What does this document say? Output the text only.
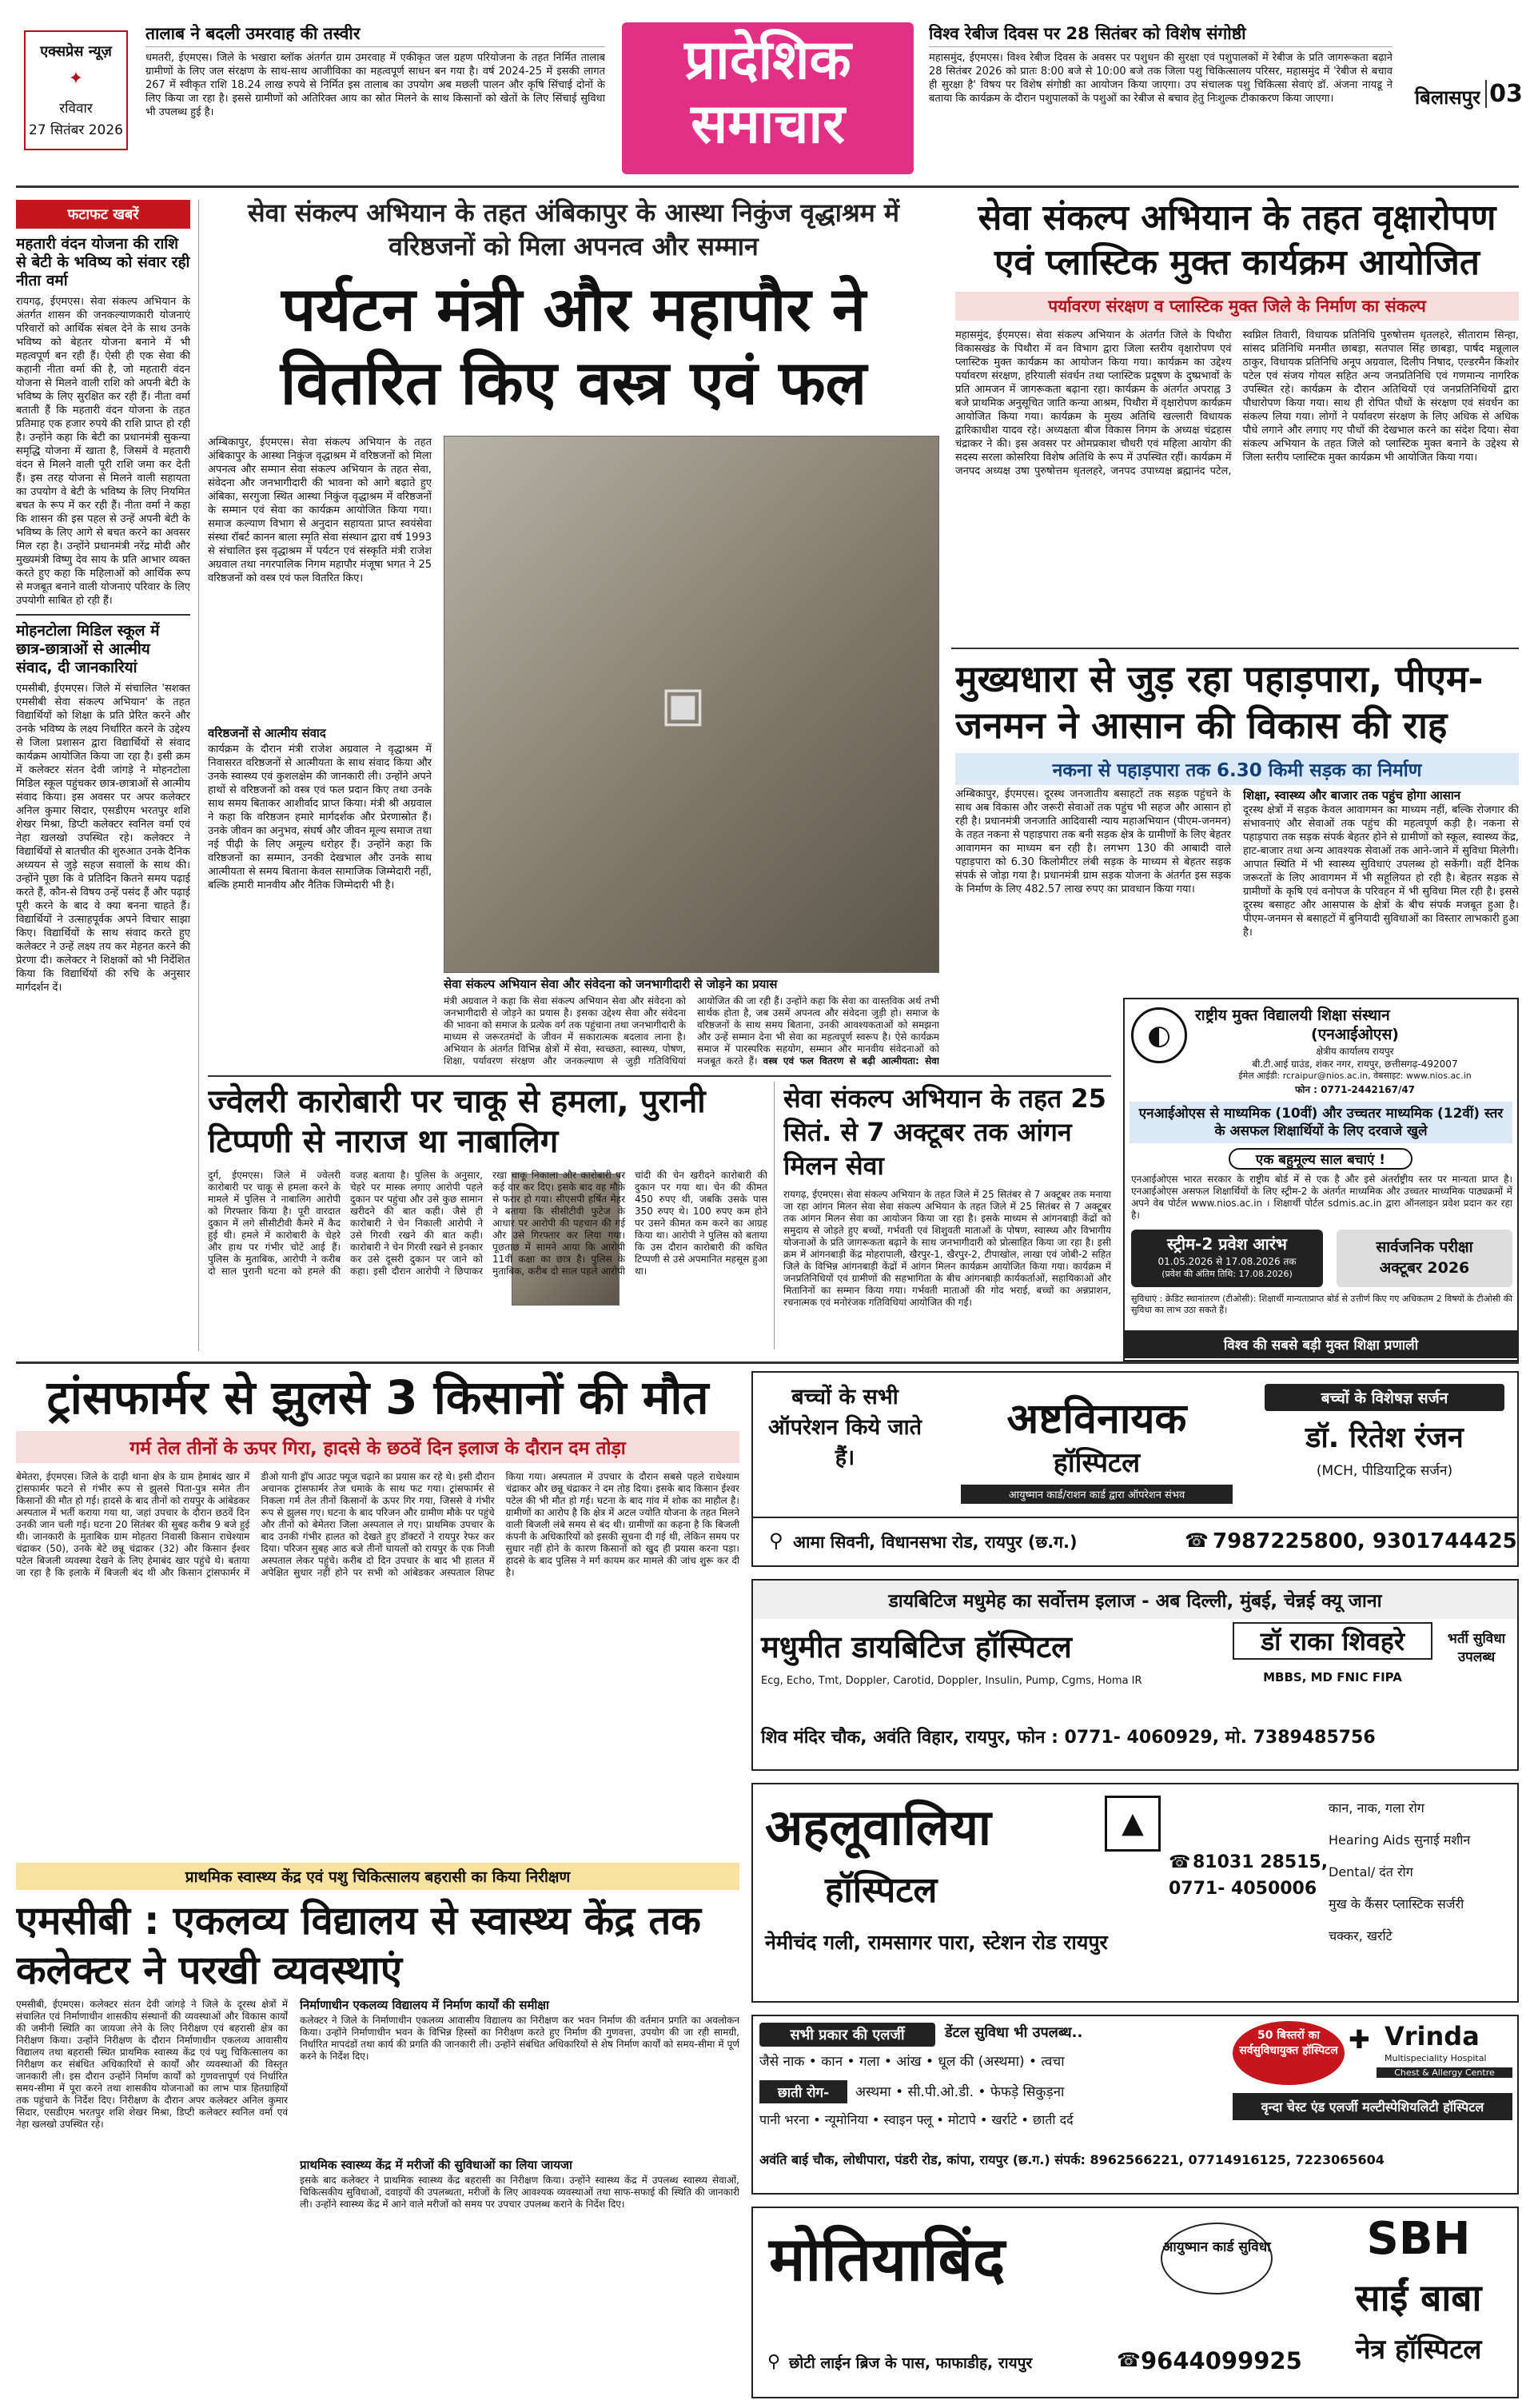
एक्सप्रेस न्यूज़
✦
रविवार
27 सितंबर 2026
तालाब ने बदली उमरवाह की तस्वीर
धमतरी, ईएमएस। जिले के भखारा ब्लॉक अंतर्गत ग्राम उमरवाह में एकीकृत जल ग्रहण परियोजना के तहत निर्मित तालाब ग्रामीणों के लिए जल संरक्षण के साथ-साथ आजीविका का महत्वपूर्ण साधन बन गया है। वर्ष 2024-25 में इसकी लागत 267 में स्वीकृत राशि 18.24 लाख रुपये से निर्मित इस तालाब का उपयोग अब मछली पालन और कृषि सिंचाई दोनों के लिए किया जा रहा है। इससे ग्रामीणों को अतिरिक्त आय का स्रोत मिलने के साथ किसानों को खेतों के लिए सिंचाई सुविधा भी उपलब्ध हुई है।
प्रादेशिक
समाचार
विश्व रेबीज दिवस पर 28 सितंबर को विशेष संगोष्ठी
महासमुंद, ईएमएस। विश्व रेबीज दिवस के अवसर पर पशुधन की सुरक्षा एवं पशुपालकों में रेबीज के प्रति जागरूकता बढ़ाने 28 सितंबर 2026 को प्रातः 8:00 बजे से 10:00 बजे तक जिला पशु चिकित्सालय परिसर, महासमुंद में 'रेबीज से बचाव ही सुरक्षा है' विषय पर विशेष संगोष्ठी का आयोजन किया जाएगा। उप संचालक पशु चिकित्सा सेवाएं डॉ. अंजना नायडू ने बताया कि कार्यक्रम के दौरान पशुपालकों के पशुओं का रेबीज से बचाव हेतु निःशुल्क टीकाकरण किया जाएगा।	बिलासपुर 03
फटाफट खबरें
महतारी वंदन योजना की राशि से बेटी के भविष्य को संवार रही नीता वर्मा
रायगढ़, ईएमएस। सेवा संकल्प अभियान के अंतर्गत शासन की जनकल्याणकारी योजनाएं परिवारों को आर्थिक संबल देने के साथ उनके भविष्य को बेहतर योजना बनाने में भी महत्वपूर्ण बन रही हैं। ऐसी ही एक सेवा की कहानी नीता वर्मा की है, जो महतारी वंदन योजना से मिलने वाली राशि को अपनी बेटी के भविष्य के लिए सुरक्षित कर रही हैं। नीता वर्मा बताती हैं कि महतारी वंदन योजना के तहत प्रतिमाह एक हजार रुपये की राशि प्राप्त हो रही है। उन्होंने कहा कि बेटी का प्रधानमंत्री सुकन्या समृद्धि योजना में खाता है, जिसमें वे महतारी वंदन से मिलने वाली पूरी राशि जमा कर देती हैं। इस तरह योजना से मिलने वाली सहायता का उपयोग वे बेटी के भविष्य के लिए नियमित बचत के रूप में कर रही हैं। नीता वर्मा ने कहा कि शासन की इस पहल से उन्हें अपनी बेटी के भविष्य के लिए आगे से बचत करने का अवसर मिल रहा है। उन्होंने प्रधानमंत्री नरेंद्र मोदी और मुख्यमंत्री विष्णु देव साय के प्रति आभार व्यक्त करते हुए कहा कि महिलाओं को आर्थिक रूप से मजबूत बनाने वाली योजनाएं परिवार के लिए उपयोगी साबित हो रही हैं।
मोहनटोला मिडिल स्कूल में छात्र-छात्राओं से आत्मीय संवाद, दी जानकारियां
एमसीबी, ईएमएस। जिले में संचालित 'सशक्त एमसीबी सेवा संकल्प अभियान' के तहत विद्यार्थियों को शिक्षा के प्रति प्रेरित करने और उनके भविष्य के लक्ष्य निर्धारित करने के उद्देश्य से जिला प्रशासन द्वारा विद्यार्थियों से संवाद कार्यक्रम आयोजित किया जा रहा है। इसी क्रम में कलेक्टर संतन देवी जांगड़े ने मोहनटोला मिडिल स्कूल पहुंचकर छात्र-छात्राओं से आत्मीय संवाद किया। इस अवसर पर अपर कलेक्टर अनिल कुमार सिदार, एसडीएम भरतपुर शशि शेखर मिश्रा, डिप्टी कलेक्टर स्वनिल वर्मा एवं नेहा खलखो उपस्थित रहे। कलेक्टर ने विद्यार्थियों से बातचीत की शुरुआत उनके दैनिक अध्ययन से जुड़े सहज सवालों के साथ की। उन्होंने पूछा कि वे प्रतिदिन कितने समय पढ़ाई करते हैं, कौन-से विषय उन्हें पसंद हैं और पढ़ाई पूरी करने के बाद वे क्या बनना चाहते हैं। विद्यार्थियों ने उत्साहपूर्वक अपने विचार साझा किए। विद्यार्थियों के साथ संवाद करते हुए कलेक्टर ने उन्हें लक्ष्य तय कर मेहनत करने की प्रेरणा दी। कलेक्टर ने शिक्षकों को भी निर्देशित किया कि विद्यार्थियों की रुचि के अनुसार मार्गदर्शन दें।
सेवा संकल्प अभियान के तहत अंबिकापुर के आस्था निकुंज वृद्धाश्रम में वरिष्ठजनों को मिला अपनत्व और सम्मान
पर्यटन मंत्री और महापौर ने वितरित किए वस्त्र एवं फल
अम्बिकापुर, ईएमएस। सेवा संकल्प अभियान के तहत अंबिकापुर के आस्था निकुंज वृद्धाश्रम में वरिष्ठजनों को मिला अपनत्व और सम्मान सेवा संकल्प अभियान के तहत सेवा, संवेदना और जनभागीदारी की भावना को आगे बढ़ाते हुए अंबिका, सरगुजा स्थित आस्था निकुंज वृद्धाश्रम में वरिष्ठजनों के सम्मान एवं सेवा का कार्यक्रम आयोजित किया गया। समाज कल्याण विभाग से अनुदान सहायता प्राप्त स्वयंसेवा संस्था रॉबर्ट कानन बाला स्मृति सेवा संस्थान द्वारा वर्ष 1993 से संचालित इस वृद्धाश्रम में पर्यटन एवं संस्कृति मंत्री राजेश अग्रवाल तथा नगरपालिक निगम महापौर मंजूषा भगत ने 25 वरिष्ठजनों को वस्त्र एवं फल वितरित किए।
वरिष्ठजनों से आत्मीय संवाद
कार्यक्रम के दौरान मंत्री राजेश अग्रवाल ने वृद्धाश्रम में निवासरत वरिष्ठजनों से आत्मीयता के साथ संवाद किया और उनके स्वास्थ्य एवं कुशलक्षेम की जानकारी ली। उन्होंने अपने हाथों से वरिष्ठजनों को वस्त्र एवं फल प्रदान किए तथा उनके साथ समय बिताकर आशीर्वाद प्राप्त किया। मंत्री श्री अग्रवाल ने कहा कि वरिष्ठजन हमारे मार्गदर्शक और प्रेरणास्रोत हैं। उनके जीवन का अनुभव, संघर्ष और जीवन मूल्य समाज तथा नई पीढ़ी के लिए अमूल्य धरोहर हैं। उन्होंने कहा कि वरिष्ठजनों का सम्मान, उनकी देखभाल और उनके साथ आत्मीयता से समय बिताना केवल सामाजिक जिम्मेदारी नहीं, बल्कि हमारी मानवीय और नैतिक जिम्मेदारी भी है।
▣
सेवा संकल्प अभियान सेवा और संवेदना को जनभागीदारी से जोड़ने का प्रयास
मंत्री अग्रवाल ने कहा कि सेवा संकल्प अभियान सेवा और संवेदना को जनभागीदारी से जोड़ने का प्रयास है। इसका उद्देश्य सेवा और संवेदना की भावना को समाज के प्रत्येक वर्ग तक पहुंचाना तथा जनभागीदारी के माध्यम से जरूरतमंदों के जीवन में सकारात्मक बदलाव लाना है। अभियान के अंतर्गत विभिन्न क्षेत्रों में सेवा, स्वच्छता, स्वास्थ्य, पोषण, शिक्षा, पर्यावरण संरक्षण और जनकल्याण से जुड़ी गतिविधियां आयोजित की जा रही हैं। उन्होंने कहा कि सेवा का वास्तविक अर्थ तभी सार्थक होता है, जब उसमें अपनत्व और संवेदना जुड़ी हो। समाज के वरिष्ठजनों के साथ समय बिताना, उनकी आवश्यकताओं को समझना और उन्हें सम्मान देना भी सेवा का महत्वपूर्ण स्वरूप है। ऐसे कार्यक्रम समाज में पारस्परिक सहयोग, सम्मान और मानवीय संवेदनाओं को मजबूत करते हैं। वस्त्र एवं फल वितरण से बढ़ी आत्मीयता: सेवा
सेवा संकल्प अभियान के तहत वृक्षारोपण एवं प्लास्टिक मुक्त कार्यक्रम आयोजित
पर्यावरण संरक्षण व प्लास्टिक मुक्त जिले के निर्माण का संकल्प
महासमुंद, ईएमएस। सेवा संकल्प अभियान के अंतर्गत जिले के पिथौरा विकासखंड के पिथौरा में वन विभाग द्वारा जिला स्तरीय वृक्षारोपण एवं प्लास्टिक मुक्त कार्यक्रम का आयोजन किया गया। कार्यक्रम का उद्देश्य पर्यावरण संरक्षण, हरियाली संवर्धन तथा प्लास्टिक प्रदूषण के दुष्प्रभावों के प्रति आमजन में जागरूकता बढ़ाना रहा। कार्यक्रम के अंतर्गत अपराह्न 3 बजे प्राथमिक अनुसूचित जाति कन्या आश्रम, पिथौरा में वृक्षारोपण कार्यक्रम आयोजित किया गया। कार्यक्रम के मुख्य अतिथि खल्लारी विधायक द्वारिकाधीश यादव रहे। अध्यक्षता बीज विकास निगम के अध्यक्ष चंद्रहास चंद्राकर ने की। इस अवसर पर ओमप्रकाश चौधरी एवं महिला आयोग की सदस्य सरला कोसरिया विशेष अतिथि के रूप में उपस्थित रहीं। कार्यक्रम में जनपद अध्यक्ष उषा पुरुषोत्तम धृतलहरे, जनपद उपाध्यक्ष ब्रह्मानंद पटेल, स्वप्निल तिवारी, विधायक प्रतिनिधि पुरुषोत्तम धृतलहरे, सीताराम सिन्हा, सांसद प्रतिनिधि मनमीत छाबड़ा, सतपाल सिंह छाबड़ा, पार्षद मन्नूलाल ठाकुर, विधायक प्रतिनिधि अनूप अग्रवाल, दिलीप निषाद, एल्डरमैन किशोर पटेल एवं संजय गोयल सहित अन्य जनप्रतिनिधि एवं गणमान्य नागरिक उपस्थित रहे। कार्यक्रम के दौरान अतिथियों एवं जनप्रतिनिधियों द्वारा पौधारोपण किया गया। साथ ही रोपित पौधों के संरक्षण एवं संवर्धन का संकल्प लिया गया। लोगों ने पर्यावरण संरक्षण के लिए अधिक से अधिक पौधे लगाने और लगाए गए पौधों की देखभाल करने का संदेश दिया। सेवा संकल्प अभियान के तहत जिले को प्लास्टिक मुक्त बनाने के उद्देश्य से जिला स्तरीय प्लास्टिक मुक्त कार्यक्रम भी आयोजित किया गया।
मुख्यधारा से जुड़ रहा पहाड़पारा, पीएम-जनमन ने आसान की विकास की राह
नकना से पहाड़पारा तक 6.30 किमी सड़क का निर्माण
अम्बिकापुर, ईएमएस। दूरस्थ जनजातीय बसाहटों तक सड़क पहुंचने के साथ अब विकास और जरूरी सेवाओं तक पहुंच भी सहज और आसान हो रही है। प्रधानमंत्री जनजाति आदिवासी न्याय महाअभियान (पीएम-जनमन) के तहत नकना से पहाड़पारा तक बनी सड़क क्षेत्र के ग्रामीणों के लिए बेहतर आवागमन का माध्यम बन रही है। लगभग 130 की आबादी वाले पहाड़पारा को 6.30 किलोमीटर लंबी सड़क के माध्यम से बेहतर सड़क संपर्क से जोड़ा गया है। प्रधानमंत्री ग्राम सड़क योजना के अंतर्गत इस सड़क के निर्माण के लिए 482.57 लाख रुपए का प्रावधान किया गया।
शिक्षा, स्वास्थ्य और बाजार तक पहुंच होगा आसान
दूरस्थ क्षेत्रों में सड़क केवल आवागमन का माध्यम नहीं, बल्कि रोजगार की संभावनाएं और सेवाओं तक पहुंच की महत्वपूर्ण कड़ी है। नकना से पहाड़पारा तक सड़क संपर्क बेहतर होने से ग्रामीणों को स्कूल, स्वास्थ्य केंद्र, हाट-बाजार तथा अन्य आवश्यक सेवाओं तक आने-जाने में सुविधा मिलेगी। आपात स्थिति में भी स्वास्थ्य सुविधाएं उपलब्ध हो सकेंगी। वहीं दैनिक जरूरतों के लिए आवागमन में भी सहूलियत हो रही है। बेहतर सड़क से ग्रामीणों के कृषि एवं वनोपज के परिवहन में भी सुविधा मिल रही है। इससे दूरस्थ बसाहट और आसपास के क्षेत्रों के बीच संपर्क मजबूत हुआ है। पीएम-जनमन से बसाहटों में बुनियादी सुविधाओं का विस्तार लाभकारी हुआ है।
◐
राष्ट्रीय मुक्त विद्यालयी शिक्षा संस्थान
(एनआईओएस)
क्षेत्रीय कार्यालय रायपुर
बी.टी.आई ग्राउंड, शंकर नगर, रायपुर, छत्तीसगढ़-492007
ईमेल आईडी: rcraipur@nios.ac.in, वेबसाइट: www.nios.ac.in
फोन : 0771-2442167/47
एनआईओएस से माध्यमिक (10वीं) और उच्चतर माध्यमिक (12वीं) स्तर के असफल शिक्षार्थियों के लिए दरवाजे खुले
एक बहुमूल्य साल बचाएं !
एनआईओएस भारत सरकार के राष्ट्रीय बोर्ड में से एक है और इसे अंतर्राष्ट्रीय स्तर पर मान्यता प्राप्त है। एनआईओएस असफल शिक्षार्थियों के लिए स्ट्रीम-2 के अंतर्गत माध्यमिक और उच्चतर माध्यमिक पाठ्यक्रमों में अपने वेब पोर्टल www.nios.ac.in । शिक्षार्थी पोर्टल sdmis.ac.in द्वारा ऑनलाइन प्रवेश प्रदान कर रहा है।
स्ट्रीम-2 प्रवेश आरंभ
01.05.2026 से 17.08.2026 तक
(प्रवेश की अंतिम तिथि: 17.08.2026)
सार्वजनिक परीक्षा
अक्टूबर 2026
सुविधाएं : क्रेडिट स्थानांतरण (टीओसी): शिक्षार्थी मान्यताप्राप्त बोर्ड से उत्तीर्ण किए गए अधिकतम 2 विषयों के टीओसी की सुविधा का लाभ उठा सकते हैं।
विश्व की सबसे बड़ी मुक्त शिक्षा प्रणाली
ज्वेलरी कारोबारी पर चाकू से हमला, पुरानी टिप्पणी से नाराज था नाबालिग
दुर्ग, ईएमएस। जिले में ज्वेलरी कारोबारी पर चाकू से हमला करने के मामले में पुलिस ने नाबालिग आरोपी को गिरफ्तार किया है। पूरी वारदात दुकान में लगे सीसीटीवी कैमरे में कैद हुई थी। हमले में कारोबारी के चेहरे और हाथ पर गंभीर चोटें आई हैं। पुलिस के मुताबिक, आरोपी ने करीब दो साल पुरानी घटना को हमले की वजह बताया है। पुलिस के अनुसार, चेहरे पर मास्क लगाए आरोपी पहले दुकान पर पहुंचा और उसे कुछ सामान खरीदने की बात कही। जैसे ही कारोबारी ने चेन निकाली आरोपी ने उसे गिरवी रखने की बात कही। कारोबारी ने चेन गिरवी रखने से इनकार कर उसे दूसरी दुकान पर जाने को कहा। इसी दौरान आरोपी ने छिपाकर रखा चाकू निकाला और कारोबारी पर कई वार कर दिए। इसके बाद वह मौके से फरार हो गया। सीएसपी हर्षित मेहर ने बताया कि सीसीटीवी फुटेज के आधार पर आरोपी की पहचान की गई और उसे गिरफ्तार कर लिया गया। पूछताछ में सामने आया कि आरोपी 11वीं कक्षा का छात्र है। पुलिस के मुताबिक, करीब दो साल पहले आरोपी चांदी की चेन खरीदने कारोबारी की दुकान पर गया था। चेन की कीमत 450 रुपए थी, जबकि उसके पास 350 रुपए थे। 100 रुपए कम होने पर उसने कीमत कम करने का आग्रह किया था। आरोपी ने पुलिस को बताया कि उस दौरान कारोबारी की कथित टिप्पणी से उसे अपमानित महसूस हुआ था।
सेवा संकल्प अभियान के तहत 25 सितं. से 7 अक्टूबर तक आंगन मिलन सेवा
रायगढ़, ईएमएस। सेवा संकल्प अभियान के तहत जिले में 25 सितंबर से 7 अक्टूबर तक मनाया जा रहा आंगन मिलन सेवा सेवा संकल्प अभियान के तहत जिले में 25 सितंबर से 7 अक्टूबर तक आंगन मिलन सेवा का आयोजन किया जा रहा है। इसके माध्यम से आंगनबाड़ी केंद्रों को समुदाय से जोड़ते हुए बच्चों, गर्भवती एवं शिशुवती माताओं के पोषण, स्वास्थ्य और विभागीय योजनाओं के प्रति जागरूकता बढ़ाने के साथ जनभागीदारी को प्रोत्साहित किया जा रहा है। इसी क्रम में आंगनबाड़ी केंद्र मोहरापाली, खैरपुर-1, खैरपुर-2, टीपाखोल, लाखा एवं जोबी-2 सहित जिले के विभिन्न आंगनबाड़ी केंद्रों में आंगन मिलन कार्यक्रम आयोजित किया गया। कार्यक्रम में जनप्रतिनिधियों एवं ग्रामीणों की सहभागिता के बीच आंगनबाड़ी कार्यकर्ताओं, सहायिकाओं और मितानिनों का सम्मान किया गया। गर्भवती माताओं की गोद भराई, बच्चों का अन्नप्राशन, रचनात्मक एवं मनोरंजक गतिविधियां आयोजित की गईं।
ट्रांसफार्मर से झुलसे 3 किसानों की मौत
गर्म तेल तीनों के ऊपर गिरा, हादसे के छठवें दिन इलाज के दौरान दम तोड़ा
बेमेतरा, ईएमएस। जिले के दाढ़ी थाना क्षेत्र के ग्राम हेमाबंद खार में ट्रांसफार्मर फटने से गंभीर रूप से झुलसे पिता-पुत्र समेत तीन किसानों की मौत हो गई। हादसे के बाद तीनों को रायपुर के आंबेडकर अस्पताल में भर्ती कराया गया था, जहां उपचार के दौरान छठवें दिन उनकी जान चली गई। घटना 20 सितंबर की सुबह करीब 9 बजे हुई थी। जानकारी के मुताबिक ग्राम मोहतरा निवासी किसान राधेश्याम चंद्राकर (50), उनके बेटे छन्नू चंद्राकर (32) और किसान ईश्वर पटेल बिजली व्यवस्था देखने के लिए हेमाबंद खार पहुंचे थे। बताया जा रहा है कि इलाके में बिजली बंद थी और किसान ट्रांसफार्मर में डीओ यानी ड्रॉप आउट फ्यूज चढ़ाने का प्रयास कर रहे थे। इसी दौरान अचानक ट्रांसफार्मर तेज धमाके के साथ फट गया। ट्रांसफार्मर से निकला गर्म तेल तीनों किसानों के ऊपर गिर गया, जिससे वे गंभीर रूप से झुलस गए। घटना के बाद परिजन और ग्रामीण मौके पर पहुंचे और तीनों को बेमेतरा जिला अस्पताल ले गए। प्राथमिक उपचार के बाद उनकी गंभीर हालत को देखते हुए डॉक्टरों ने रायपुर रेफर कर दिया। परिजन सुबह आठ बजे तीनों घायलों को रायपुर के एक निजी अस्पताल लेकर पहुंचे। करीब दो दिन उपचार के बाद भी हालत में अपेक्षित सुधार नहीं होने पर सभी को आंबेडकर अस्पताल शिफ्ट किया गया। अस्पताल में उपचार के दौरान सबसे पहले राधेश्याम चंद्राकर और छन्नू चंद्राकर ने दम तोड़ दिया। इसके बाद किसान ईश्वर पटेल की भी मौत हो गई। घटना के बाद गांव में शोक का माहौल है। ग्रामीणों का आरोप है कि क्षेत्र में अटल ज्योति योजना के तहत मिलने वाली बिजली लंबे समय से बंद थी। ग्रामीणों का कहना है कि बिजली कंपनी के अधिकारियों को इसकी सूचना दी गई थी, लेकिन समय पर सुधार नहीं होने के कारण किसानों को खुद ही प्रयास करना पड़ा। हादसे के बाद पुलिस ने मर्ग कायम कर मामले की जांच शुरू कर दी है।
प्राथमिक स्वास्थ्य केंद्र एवं पशु चिकित्सालय बहरासी का किया निरीक्षण
एमसीबी : एकलव्य विद्यालय से स्वास्थ्य केंद्र तक कलेक्टर ने परखी व्यवस्थाएं
एमसीबी, ईएमएस। कलेक्टर संतन देवी जांगड़े ने जिले के दूरस्थ क्षेत्रों में संचालित एवं निर्माणाधीन शासकीय संस्थानों की व्यवस्थाओं और विकास कार्यों की जमीनी स्थिति का जायजा लेने के लिए निरीक्षण एवं बहरासी क्षेत्र का निरीक्षण किया। उन्होंने निरीक्षण के दौरान निर्माणाधीन एकलव्य आवासीय विद्यालय तथा बहरासी स्थित प्राथमिक स्वास्थ्य केंद्र एवं पशु चिकित्सालय का निरीक्षण कर संबंधित अधिकारियों से कार्यों और व्यवस्थाओं की विस्तृत जानकारी ली। इस दौरान उन्होंने निर्माण कार्यों को गुणवत्तापूर्ण एवं निर्धारित समय-सीमा में पूरा करने तथा शासकीय योजनाओं का लाभ पात्र हितग्राहियों तक पहुंचाने के निर्देश दिए। निरीक्षण के दौरान अपर कलेक्टर अनिल कुमार सिदार, एसडीएम भरतपुर शशि शेखर मिश्रा, डिप्टी कलेक्टर स्वनिल वर्मा एवं नेहा खलखो उपस्थित रहे।
निर्माणाधीन एकलव्य विद्यालय में निर्माण कार्यों की समीक्षा
कलेक्टर ने जिले के निर्माणाधीन एकलव्य आवासीय विद्यालय का निरीक्षण कर भवन निर्माण की वर्तमान प्रगति का अवलोकन किया। उन्होंने निर्माणाधीन भवन के विभिन्न हिस्सों का निरीक्षण करते हुए निर्माण की गुणवत्ता, उपयोग की जा रही सामग्री, निर्धारित मापदंडों तथा कार्य की प्रगति की जानकारी ली। उन्होंने संबंधित अधिकारियों से शेष निर्माण कार्यों को समय-सीमा में पूर्ण करने के निर्देश दिए।
प्राथमिक स्वास्थ्य केंद्र में मरीजों की सुविधाओं का लिया जायजा
इसके बाद कलेक्टर ने प्राथमिक स्वास्थ्य केंद्र बहरासी का निरीक्षण किया। उन्होंने स्वास्थ्य केंद्र में उपलब्ध स्वास्थ्य सेवाओं, चिकित्सकीय सुविधाओं, दवाइयों की उपलब्धता, मरीजों के लिए आवश्यक व्यवस्थाओं तथा साफ-सफाई की स्थिति की जानकारी ली। उन्होंने स्वास्थ्य केंद्र में आने वाले मरीजों को समय पर उपचार उपलब्ध कराने के निर्देश दिए।
बच्चों के सभी ऑपरेशन किये जाते हैं।
अष्टविनायक
हॉस्पिटल
आयुष्मान कार्ड/राशन कार्ड द्वारा ऑपरेशन संभव
बच्चों के विशेषज्ञ सर्जन
डॉ. रितेश रंजन
(MCH, पीडियाट्रिक सर्जन)
⚲ आमा सिवनी, विधानसभा रोड, रायपुर (छ.ग.)	☎ 7987225800, 9301744425
डायबिटिज मधुमेह का सर्वोत्तम इलाज - अब दिल्ली, मुंबई, चेन्नई क्यू जाना
मधुमीत डायबिटिज हॉस्पिटल
Ecg, Echo, Tmt, Doppler, Carotid, Doppler, Insulin, Pump, Cgms, Homa IR
डॉ राका शिवहरे
MBBS, MD FNIC FIPA
भर्ती सुविधा उपलब्ध
शिव मंदिर चौक, अवंति विहार, रायपुर, फोन : 0771- 4060929, मो. 7389485756
अहलूवालिया
हॉस्पिटल
▲
☎ 81031 28515,
0771- 4050006
कान, नाक, गला रोग
Hearing Aids सुनाई मशीन
Dental/ दंत रोग
मुख के कैंसर प्लास्टिक सर्जरी
चक्कर, खर्राटे
नेमीचंद गली, रामसागर पारा, स्टेशन रोड रायपुर
सभी प्रकार की एलर्जी	डेंटल सुविधा भी उपलब्ध..
जैसे नाक • कान • गला • आंख • धूल की (अस्थमा) • त्वचा
छाती रोग-	अस्थमा • सी.पी.ओ.डी. • फेफड़े सिकुड़ना
पानी भरना • न्यूमोनिया • स्वाइन फ्लू • मोटापे • खर्राटे • छाती दर्द
50 बिस्तरों का सर्वसुविधायुक्त हॉस्पिटल ✚ Vrinda
Multispeciality Hospital
Chest & Allergy Centre
वृन्दा चेस्ट एंड एलर्जी मल्टीस्पेशियलिटी हॉस्पिटल
अवंति बाई चौक, लोधीपारा, पंडरी रोड, कांपा, रायपुर (छ.ग.) संपर्क: 8962566221, 07714916125, 7223065604
मोतियाबिंद	आयुष्मान कार्ड सुविधा
⚲ छोटी लाईन ब्रिज के पास, फाफाडीह, रायपुर	☎ 9644099925
SBH
साईं बाबा
नेत्र हॉस्पिटल
